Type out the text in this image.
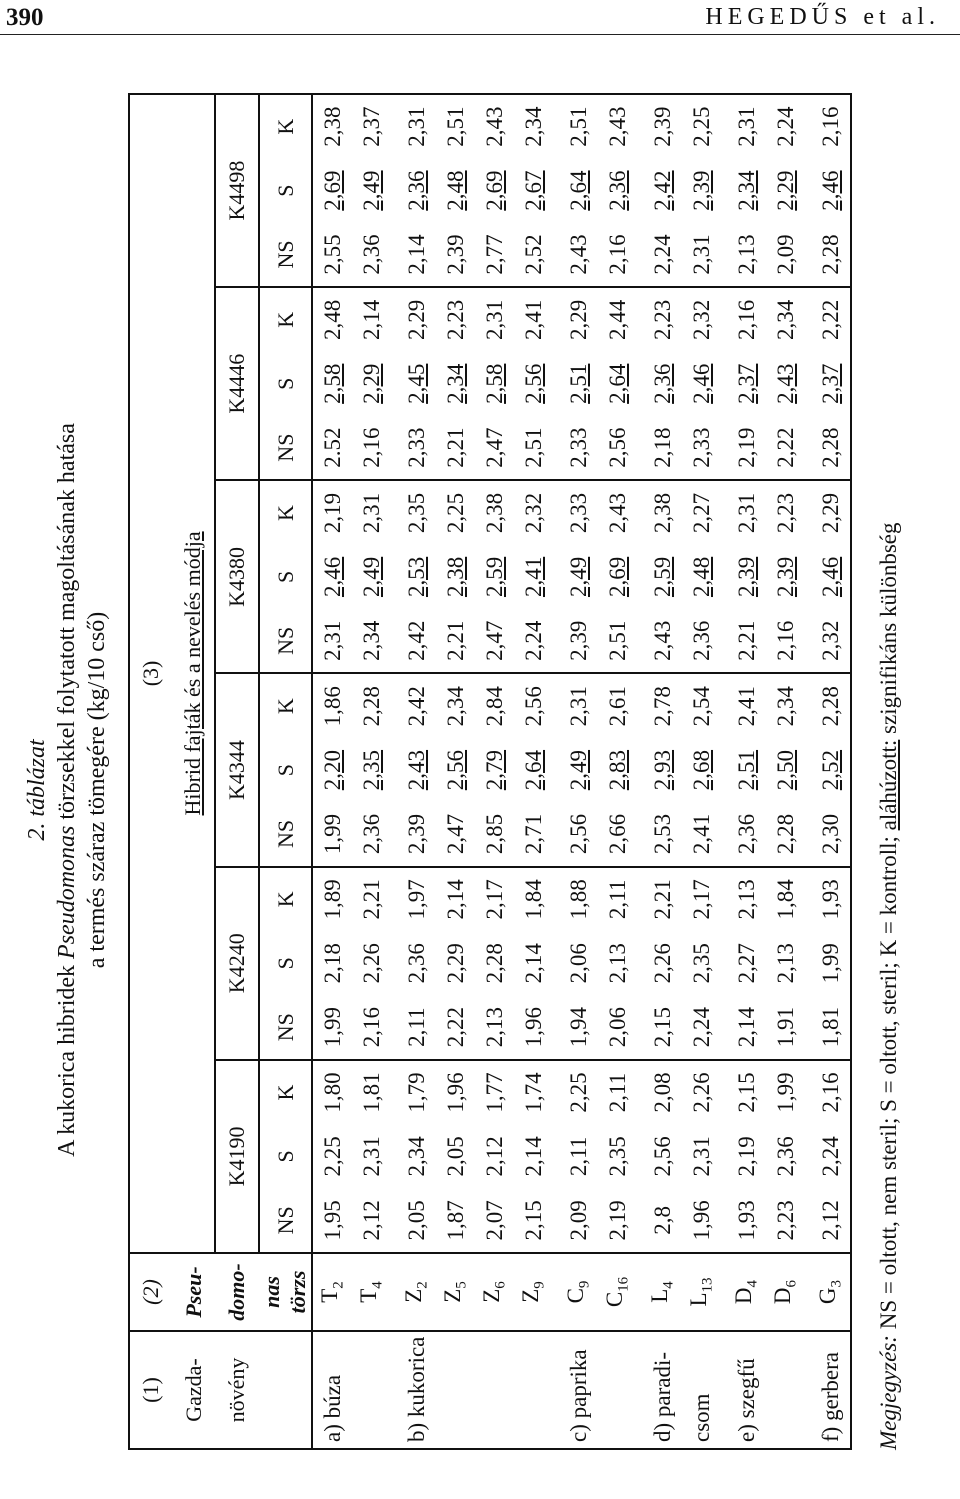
390	HEGEDŰS et al.
2. táblázat
A kukorica hibridek Pseudomonas törzsekkel folytatott magoltásának hatása a termés száraz tömegére (kg/10 cső)
(1)	(2)	(3)																	
Gazda-	Pseu-	Hibrid fajták és a nevelés módja																	
növény	domo-	K4190			K4240			K4344			K4380			K4446			K4498		
	nas
törzs	NS	S	K	NS	S	K	NS	S	K	NS	S	K	NS	S	K	NS	S	K
a) búza	$T_2$	1,95	2,25	1,80	1,99	2,18	1,89	1,99	2,20	1,86	2,31	2,46	2,19	2.52	2,58	2,48	2,55	2,69	2,38
	$T_4$	2,12	2,31	1,81	2,16	2,26	2,21	2,36	2,35	2,28	2,34	2,49	2,31	2,16	2,29	2,14	2,36	2,49	2,37

b) kukorica	$Z_2$	2,05	2,34	1,79	2,11	2,36	1,97	2,39	2,43	2,42	2,42	2,53	2,35	2,33	2,45	2,29	2,14	2,36	2,31
	$Z_5$	1,87	2,05	1,96	2,22	2,29	2,14	2,47	2,56	2,34	2,21	2,38	2,25	2,21	2,34	2,23	2,39	2,48	2,51
	$Z_6$	2,07	2,12	1,77	2,13	2,28	2,17	2,85	2,79	2,84	2,47	2,59	2,38	2,47	2,58	2,31	2,77	2,69	2,43
	$Z_9$	2,15	2,14	1,74	1,96	2,14	1,84	2,71	2,64	2,56	2,24	2,41	2,32	2,51	2,56	2,41	2,52	2,67	2,34

c) paprika	$C_9$	2,09	2,11	2,25	1,94	2,06	1,88	2,56	2,49	2,31	2,39	2,49	2,33	2,33	2,51	2,29	2,43	2,64	2,51
	$C_{16}$	2,19	2,35	2,11	2,06	2,13	2,11	2,66	2,83	2,61	2,51	2,69	2,43	2,56	2,64	2,44	2,16	2,36	2,43

d) paradi-	$L_4$	2,8	2,56	2,08	2,15	2,26	2,21	2,53	2,93	2,78	2,43	2,59	2,38	2,18	2,36	2,23	2,24	2,42	2,39
csom	$L_{13}$	1,96	2,31	2,26	2,24	2,35	2,17	2,41	2,68	2,54	2,36	2,48	2,27	2,33	2,46	2,32	2,31	2,39	2,25

e) szegfű	$D_4$	1,93	2,19	2,15	2,14	2,27	2,13	2,36	2,51	2,41	2,21	2,39	2,31	2,19	2,37	2,16	2,13	2,34	2,31
	$D_6$	2,23	2,36	1,99	1,91	2,13	1,84	2,28	2,50	2,34	2,16	2,39	2,23	2,22	2,43	2,34	2,09	2,29	2,24

f) gerbera	$G_3$	2,12	2,24	2,16	1,81	1,99	1,93	2,30	2,52	2,28	2,32	2,46	2,29	2,28	2,37	2,22	2,28	2,46	2,16
Megjegyzés: NS = oltott, nem steril; S = oltott, steril; K = kontroll; aláhúzott: szignifikáns különbség
